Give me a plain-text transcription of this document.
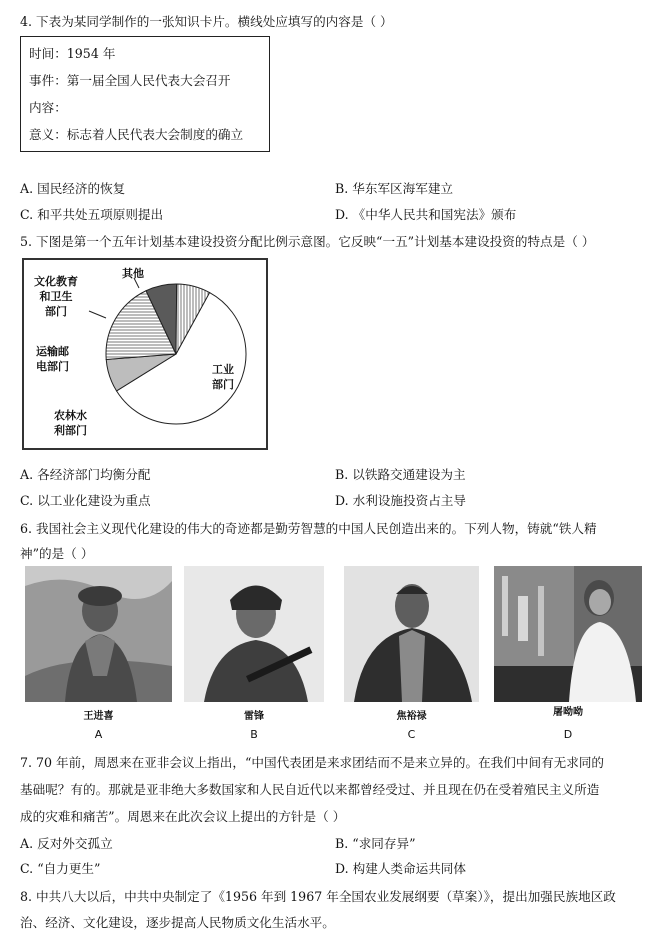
4. 下表为某同学制作的一张知识卡片。横线处应填写的内容是（ ）
时间：1954 年
事件：第一届全国人民代表大会召开
内容：
意义：标志着人民代表大会制度的确立
A. 国民经济的恢复	B. 华东军区海军建立
C. 和平共处五项原则提出	D. 《中华人民共和国宪法》颁布
5. 下图是第一个五年计划基本建设投资分配比例示意图。它反映“一五”计划基本建设投资的特点是（ ）
工业
部门
农林水
利部门
运输邮
电部门
文化教育
和卫生
部门
其他
A. 各经济部门均衡分配	B. 以铁路交通建设为主
C. 以工业化建设为重点	D. 水利设施投资占主导
6. 我国社会主义现代化建设的伟大的奇迹都是勤劳智慧的中国人民创造出来的。下列人物，铸就“铁人精
神”的是（ ）
王进喜	雷锋	焦裕禄	屠呦呦
A	B	C	D
7. 70 年前，周恩来在亚非会议上指出，“中国代表团是来求团结而不是来立异的。在我们中间有无求同的
基础呢？有的。那就是亚非绝大多数国家和人民自近代以来都曾经受过、并且现在仍在受着殖民主义所造
成的灾难和痛苦”。周恩来在此次会议上提出的方针是（ ）
A. 反对外交孤立	B. “求同存异”
C. “自力更生”	D. 构建人类命运共同体
8. 中共八大以后，中共中央制定了《1956 年到 1967 年全国农业发展纲要（草案）》，提出加强民族地区政
治、经济、文化建设，逐步提高人民物质文化生活水平。
